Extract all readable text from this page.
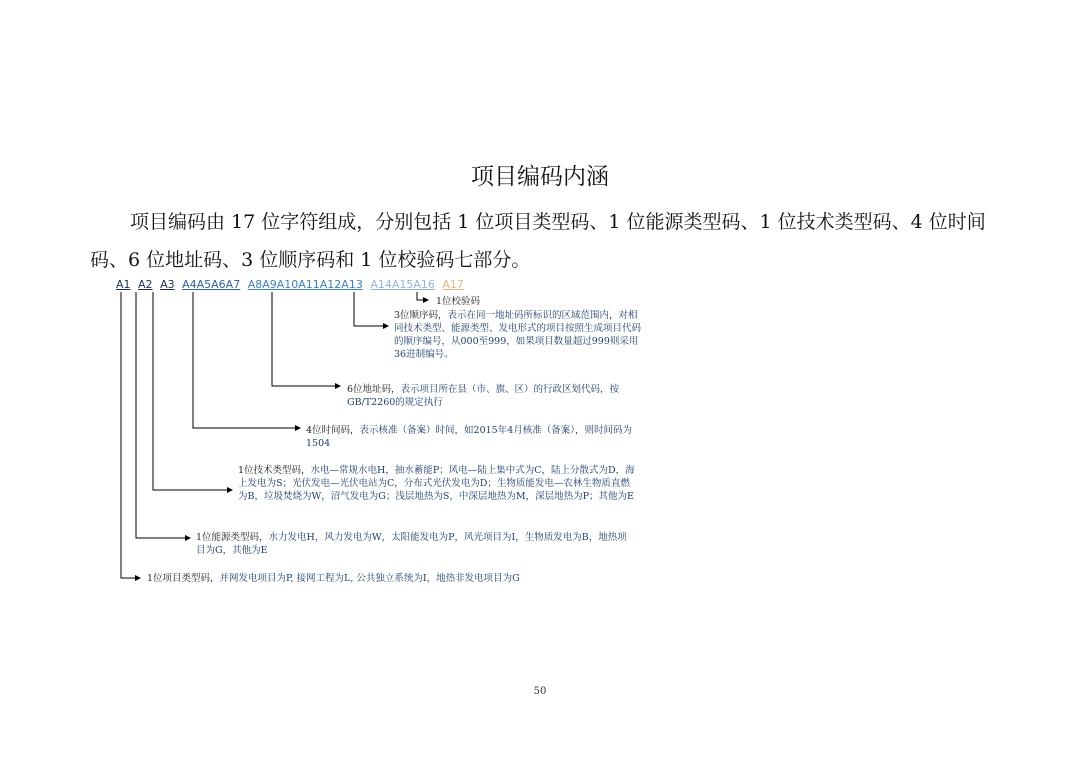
项目编码内涵
项目编码由 17 位字符组成，分别包括 1 位项目类型码、1 位能源类型码、1 位技术类型码、4 位时间码、6 位地址码、3 位顺序码和 1 位校验码七部分。
A1 A2 A3 A4A5A6A7 A8A9A10A11A12A13 A14A15A16 A17
1位校验码
3位顺序码，表示在同一地址码所标识的区域范围内，对相同技术类型、能源类型、发电形式的项目按照生成项目代码的顺序编号，从000至999，如果项目数量超过999则采用36进制编号。
6位地址码，表示项目所在县（市、旗、区）的行政区划代码，按GB/T2260的规定执行
4位时间码，表示核准（备案）时间，如2015年4月核准（备案），则时间码为1504
1位技术类型码，水电—常规水电H，抽水蓄能P；风电—陆上集中式为C，陆上分散式为D，海上发电为S；光伏发电—光伏电站为C，分布式光伏发电为D；生物质能发电—农林生物质直燃为B，垃圾焚烧为W，沼气发电为G；浅层地热为S，中深层地热为M，深层地热为P；其他为E
1位能源类型码，水力发电H，风力发电为W，太阳能发电为P，风光项目为I，生物质发电为B，地热项目为G，其他为E
1位项目类型码，并网发电项目为P, 接网工程为L, 公共独立系统为I，地热非发电项目为G
50
